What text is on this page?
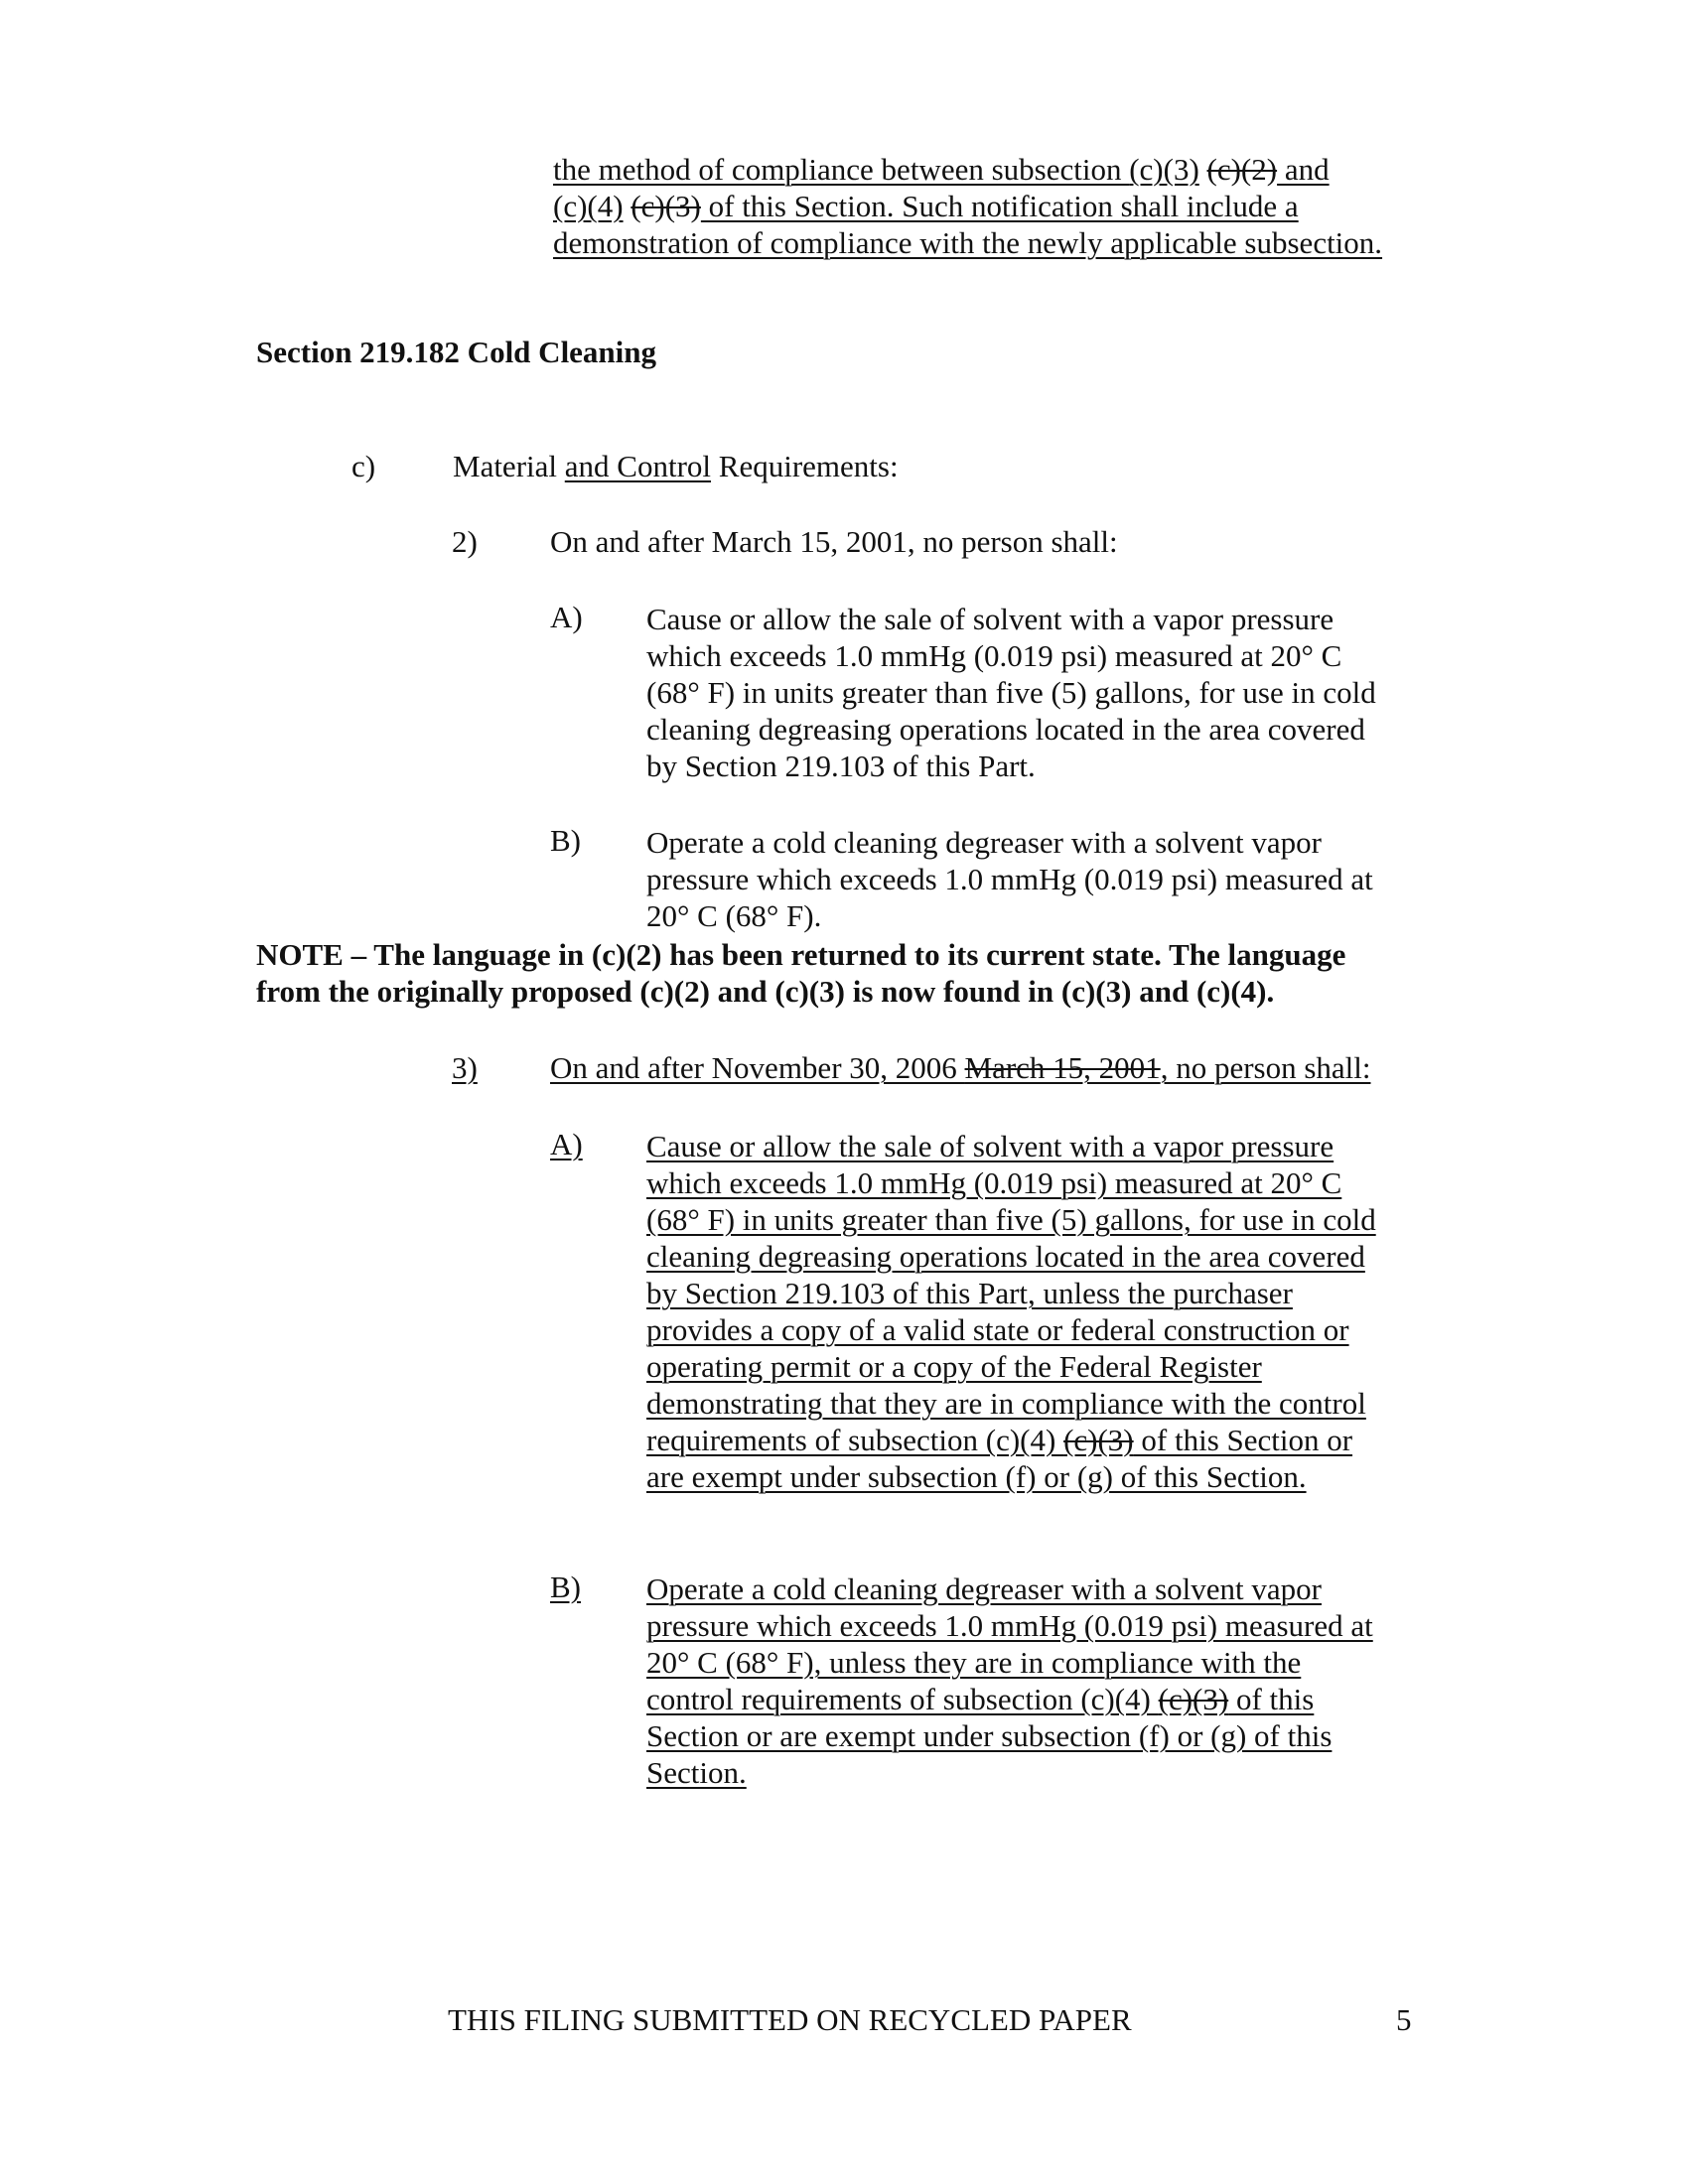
the method of compliance between subsection (c)(3) (c)(2) and

(c)(4) (c)(3) of this Section. Such notification shall include a

demonstration of compliance with the newly applicable subsection.

Section 219.182 Cold Cleaning
c)	Material and Control Requirements:
2) On and after March 15, 2001, no person shall:
A) Cause or allow the sale of solvent with a vapor pressure

which exceeds 1.0 mmHg (0.019 psi) measured at 20° C

(68° F) in units greater than five (5) gallons, for use in cold

cleaning degreasing operations located in the area covered

by Section 219.103 of this Part.

B) Operate a cold cleaning degreaser with a solvent vapor

pressure which exceeds 1.0 mmHg (0.019 psi) measured at

20° C (68° F).

NOTE – The language in (c)(2) has been returned to its current state. The language

from the originally proposed (c)(2) and (c)(3) is now found in (c)(3) and (c)(4).

3) On and after November 30, 2006 March 15, 2001, no person shall:
A) Cause or allow the sale of solvent with a vapor pressure

which exceeds 1.0 mmHg (0.019 psi) measured at 20° C

(68° F) in units greater than five (5) gallons, for use in cold

cleaning degreasing operations located in the area covered

by Section 219.103 of this Part, unless the purchaser

provides a copy of a valid state or federal construction or

operating permit or a copy of the Federal Register

demonstrating that they are in compliance with the control

requirements of subsection (c)(4) (c)(3) of this Section or

are exempt under subsection (f) or (g) of this Section.

B) Operate a cold cleaning degreaser with a solvent vapor

pressure which exceeds 1.0 mmHg (0.019 psi) measured at

20° C (68° F), unless they are in compliance with the

control requirements of subsection (c)(4) (c)(3) of this

Section or are exempt under subsection (f) or (g) of this

Section.

THIS FILING SUBMITTED ON RECYCLED PAPER	5
